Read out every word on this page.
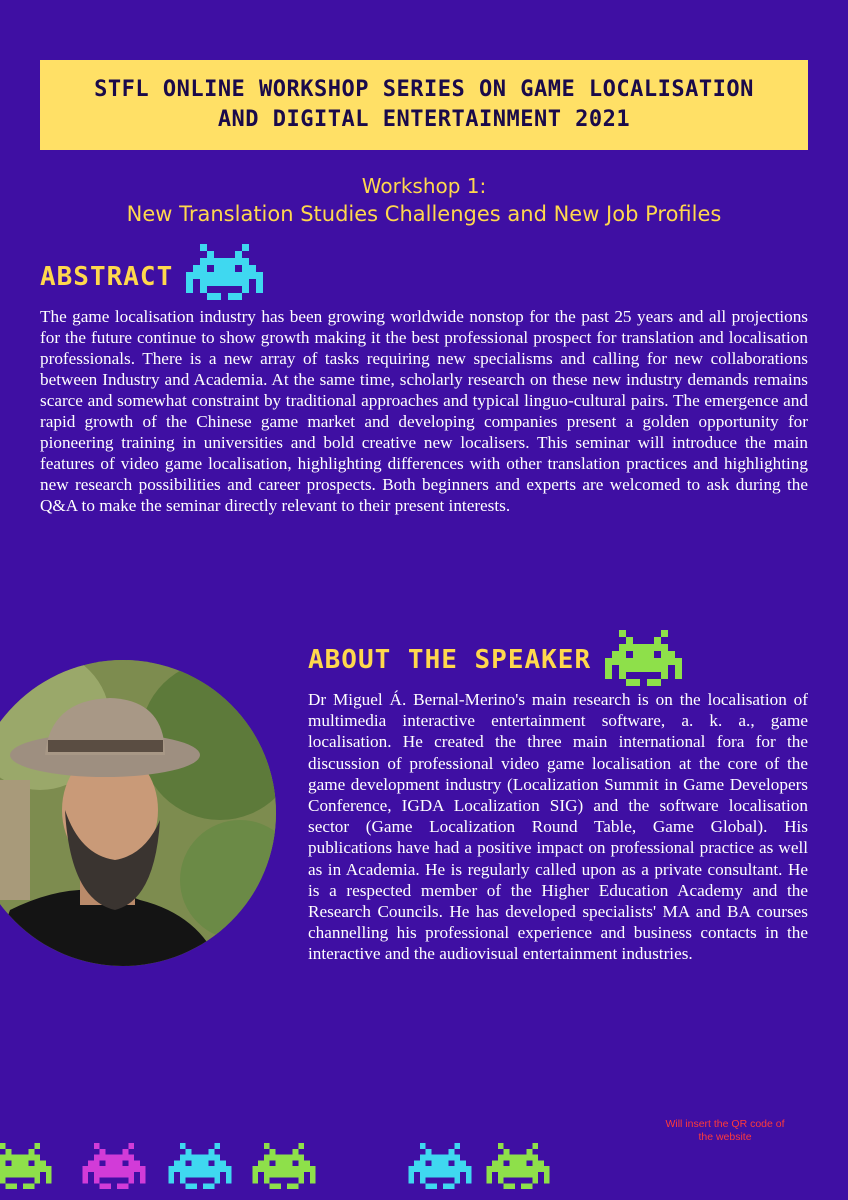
STFL ONLINE WORKSHOP SERIES ON GAME LOCALISATION
AND DIGITAL ENTERTAINMENT 2021
Workshop 1:
New Translation Studies Challenges and New Job Profiles
ABSTRACT
The game localisation industry has been growing worldwide nonstop for the past 25 years and all projections for the future continue to show growth making it the best professional prospect for translation and localisation professionals. There is a new array of tasks requiring new specialisms and calling for new collaborations between Industry and Academia. At the same time, scholarly research on these new industry demands remains scarce and somewhat constraint by traditional approaches and typical linguo-cultural pairs. The emergence and rapid growth of the Chinese game market and developing companies present a golden opportunity for pioneering training in universities and bold creative new localisers. This seminar will introduce the main features of video game localisation, highlighting differences with other translation practices and highlighting new research possibilities and career prospects. Both beginners and experts are welcomed to ask during the Q&A to make the seminar directly relevant to their present interests.
ABOUT THE SPEAKER
Dr Miguel Á. Bernal-Merino's main research is on the localisation of multimedia interactive entertainment software, a. k. a., game localisation. He created the three main international fora for the discussion of professional video game localisation at the core of the game development industry (Localization Summit in Game Developers Conference, IGDA Localization SIG) and the software localisation sector (Game Localization Round Table, Game Global). His publications have had a positive impact on professional practice as well as in Academia. He is regularly called upon as a private consultant. He is a respected member of the Higher Education Academy and the Research Councils. He has developed specialists' MA and BA courses channelling his professional experience and business contacts in the interactive and the audiovisual entertainment industries.
Will insert the QR code of the website
